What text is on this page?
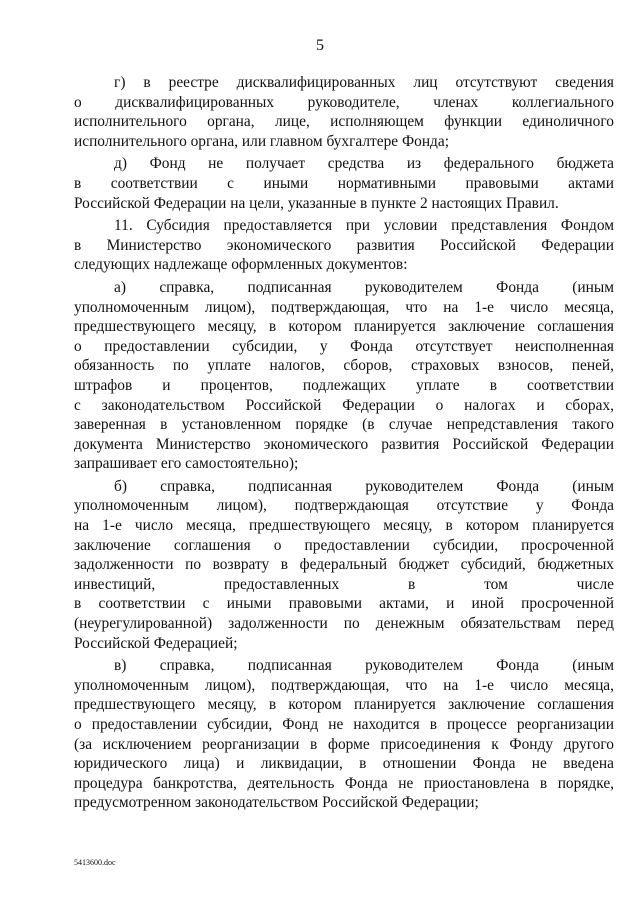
5
г) в реестре дисквалифицированных лиц отсутствуют сведения
о дисквалифицированных руководителе, членах коллегиального
исполнительного органа, лице, исполняющем функции единоличного
исполнительного органа, или главном бухгалтере Фонда;
д) Фонд не получает средства из федерального бюджета
в соответствии с иными нормативными правовыми актами
Российской Федерации на цели, указанные в пункте 2 настоящих Правил.
11. Субсидия предоставляется при условии представления Фондом
в Министерство экономического развития Российской Федерации
следующих надлежаще оформленных документов:
а) справка, подписанная руководителем Фонда (иным
уполномоченным лицом), подтверждающая, что на 1-е число месяца,
предшествующего месяцу, в котором планируется заключение соглашения
о предоставлении субсидии, у Фонда отсутствует неисполненная
обязанность по уплате налогов, сборов, страховых взносов, пеней,
штрафов и процентов, подлежащих уплате в соответствии
с законодательством Российской Федерации о налогах и сборах,
заверенная в установленном порядке (в случае непредставления такого
документа Министерство экономического развития Российской Федерации
запрашивает его самостоятельно);
б) справка, подписанная руководителем Фонда (иным
уполномоченным лицом), подтверждающая отсутствие у Фонда
на 1-е число месяца, предшествующего месяцу, в котором планируется
заключение соглашения о предоставлении субсидии, просроченной
задолженности по возврату в федеральный бюджет субсидий, бюджетных
инвестиций, предоставленных в том числе
в соответствии с иными правовыми актами, и иной просроченной
(неурегулированной) задолженности по денежным обязательствам перед
Российской Федерацией;
в) справка, подписанная руководителем Фонда (иным
уполномоченным лицом), подтверждающая, что на 1-е число месяца,
предшествующего месяцу, в котором планируется заключение соглашения
о предоставлении субсидии, Фонд не находится в процессе реорганизации
(за исключением реорганизации в форме присоединения к Фонду другого
юридического лица) и ликвидации, в отношении Фонда не введена
процедура банкротства, деятельность Фонда не приостановлена в порядке,
предусмотренном законодательством Российской Федерации;
5413600.doc
